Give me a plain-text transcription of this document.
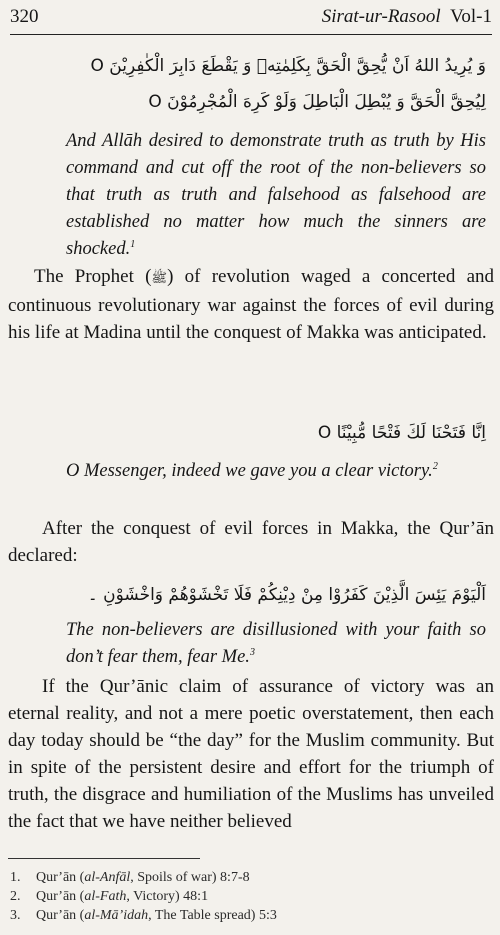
320	Sirat-ur-Rasool Vol-1
وَ يُرِيدُ اللهُ اَنْ يُّحِقَّ الْحَقَّ بِكَلِمٰتِهٖ وَ يَقْطَعَ دَابِرَ الْكٰفِرِيْنَ O
لِيُحِقَّ الْحَقَّ وَ يُبْطِلَ الْبَاطِلَ وَلَوْ كَرِهَ الْمُجْرِمُوْنَ O
And Allāh desired to demonstrate truth as truth by His command and cut off the root of the non-believers so that truth as truth and falsehood as falsehood are established no matter how much the sinners are shocked.$^1$
The Prophet (ﷺ) of revolution waged a concerted and continuous revolutionary war against the forces of evil during his life at Madina until the conquest of Makka was anticipated.
اِنَّا فَتَحْنَا لَكَ فَتْحًا مُّبِيْنًا O
O Messenger, indeed we gave you a clear victory.$^2$
After the conquest of evil forces in Makka, the Qur’ān declared:
اَلْيَوْمَ يَئِسَ الَّذِيْنَ كَفَرُوْا مِنْ دِيْنِكُمْ فَلَا تَخْشَوْهُمْ وَاخْشَوْنِ ۔
The non-believers are disillusioned with your faith so don’t fear them, fear Me.$^3$
If the Qur’ānic claim of assurance of victory was an eternal reality, and not a mere poetic overstatement, then each day today should be “the day” for the Muslim community. But in spite of the persistent desire and effort for the triumph of truth, the disgrace and humiliation of the Muslims has unveiled the fact that we have neither believed
1.	Qur’ān (al-Anfāl, Spoils of war) 8:7-8
2.	Qur’ān (al-Fath, Victory) 48:1
3.	Qur’ān (al-Mā’idah, The Table spread) 5:3
